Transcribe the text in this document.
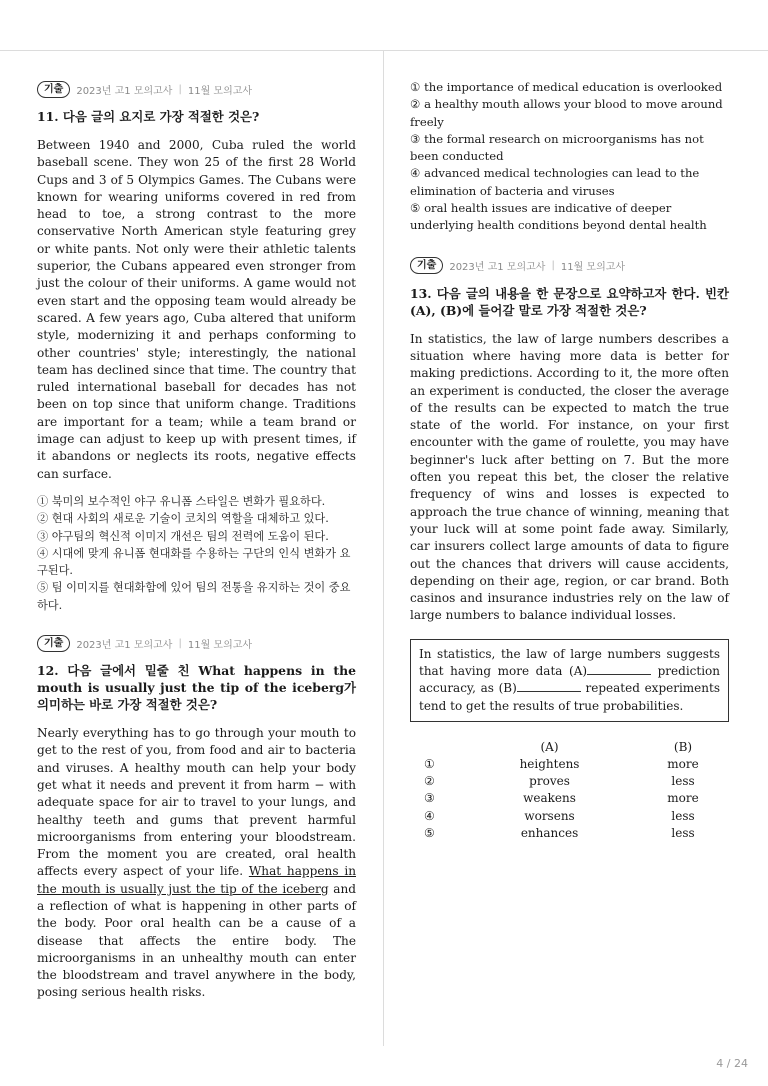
기출	2023년 고1 모의고사 | 11월 모의고사
11. 다음 글의 요지로 가장 적절한 것은?

Between 1940 and 2000, Cuba ruled the world baseball scene. They won 25 of the first 28 World Cups and 3 of 5 Olympics Games. The Cubans were known for wearing uniforms covered in red from head to toe, a strong contrast to the more conservative North American style featuring grey or white pants. Not only were their athletic talents superior, the Cubans appeared even stronger from just the colour of their uniforms. A game would not even start and the opposing team would already be scared. A few years ago, Cuba altered that uniform style, modernizing it and perhaps conforming to other countries' style; interestingly, the national team has declined since that time. The country that ruled international baseball for decades has not been on top since that uniform change. Traditions are important for a team; while a team brand or image can adjust to keep up with present times, if it abandons or neglects its roots, negative effects can surface.

① 북미의 보수적인 야구 유니폼 스타일은 변화가 필요하다.
② 현대 사회의 새로운 기술이 코치의 역할을 대체하고 있다.
③ 야구팀의 혁신적 이미지 개선은 팀의 전력에 도움이 된다.
④ 시대에 맞게 유니폼 현대화를 수용하는 구단의 인식 변화가 요구된다.
⑤ 팀 이미지를 현대화함에 있어 팀의 전통을 유지하는 것이 중요하다.
기출	2023년 고1 모의고사 | 11월 모의고사
12. 다음 글에서 밑줄 친 What happens in the mouth is usually just the tip of the iceberg가 의미하는 바로 가장 적절한 것은?

Nearly everything has to go through your mouth to get to the rest of you, from food and air to bacteria and viruses. A healthy mouth can help your body get what it needs and prevent it from harm − with adequate space for air to travel to your lungs, and healthy teeth and gums that prevent harmful microorganisms from entering your bloodstream. From the moment you are created, oral health affects every aspect of your life. What happens in the mouth is usually just the tip of the iceberg and a reflection of what is happening in other parts of the body. Poor oral health can be a cause of a disease that affects the entire body. The microorganisms in an unhealthy mouth can enter the bloodstream and travel anywhere in the body, posing serious health risks.

① the importance of medical education is overlooked
② a healthy mouth allows your blood to move around freely
③ the formal research on microorganisms has not been conducted
④ advanced medical technologies can lead to the elimination of bacteria and viruses
⑤ oral health issues are indicative of deeper underlying health conditions beyond dental health
기출	2023년 고1 모의고사 | 11월 모의고사
13. 다음 글의 내용을 한 문장으로 요약하고자 한다. 빈칸 (A), (B)에 들어갈 말로 가장 적절한 것은?

In statistics, the law of large numbers describes a situation where having more data is better for making predictions. According to it, the more often an experiment is conducted, the closer the average of the results can be expected to match the true state of the world. For instance, on your first encounter with the game of roulette, you may have beginner's luck after betting on 7. But the more often you repeat this bet, the closer the relative frequency of wins and losses is expected to approach the true chance of winning, meaning that your luck will at some point fade away. Similarly, car insurers collect large amounts of data to figure out the chances that drivers will cause accidents, depending on their age, region, or car brand. Both casinos and insurance industries rely on the law of large numbers to balance individual losses.

In statistics, the law of large numbers suggests that having more data (A)	prediction accuracy, as (B)	repeated experiments tend to get the results of true probabilities.
	(A)	(B)
①	heightens	more
②	proves	less
③	weakens	more
④	worsens	less
⑤	enhances	less
4 / 24
